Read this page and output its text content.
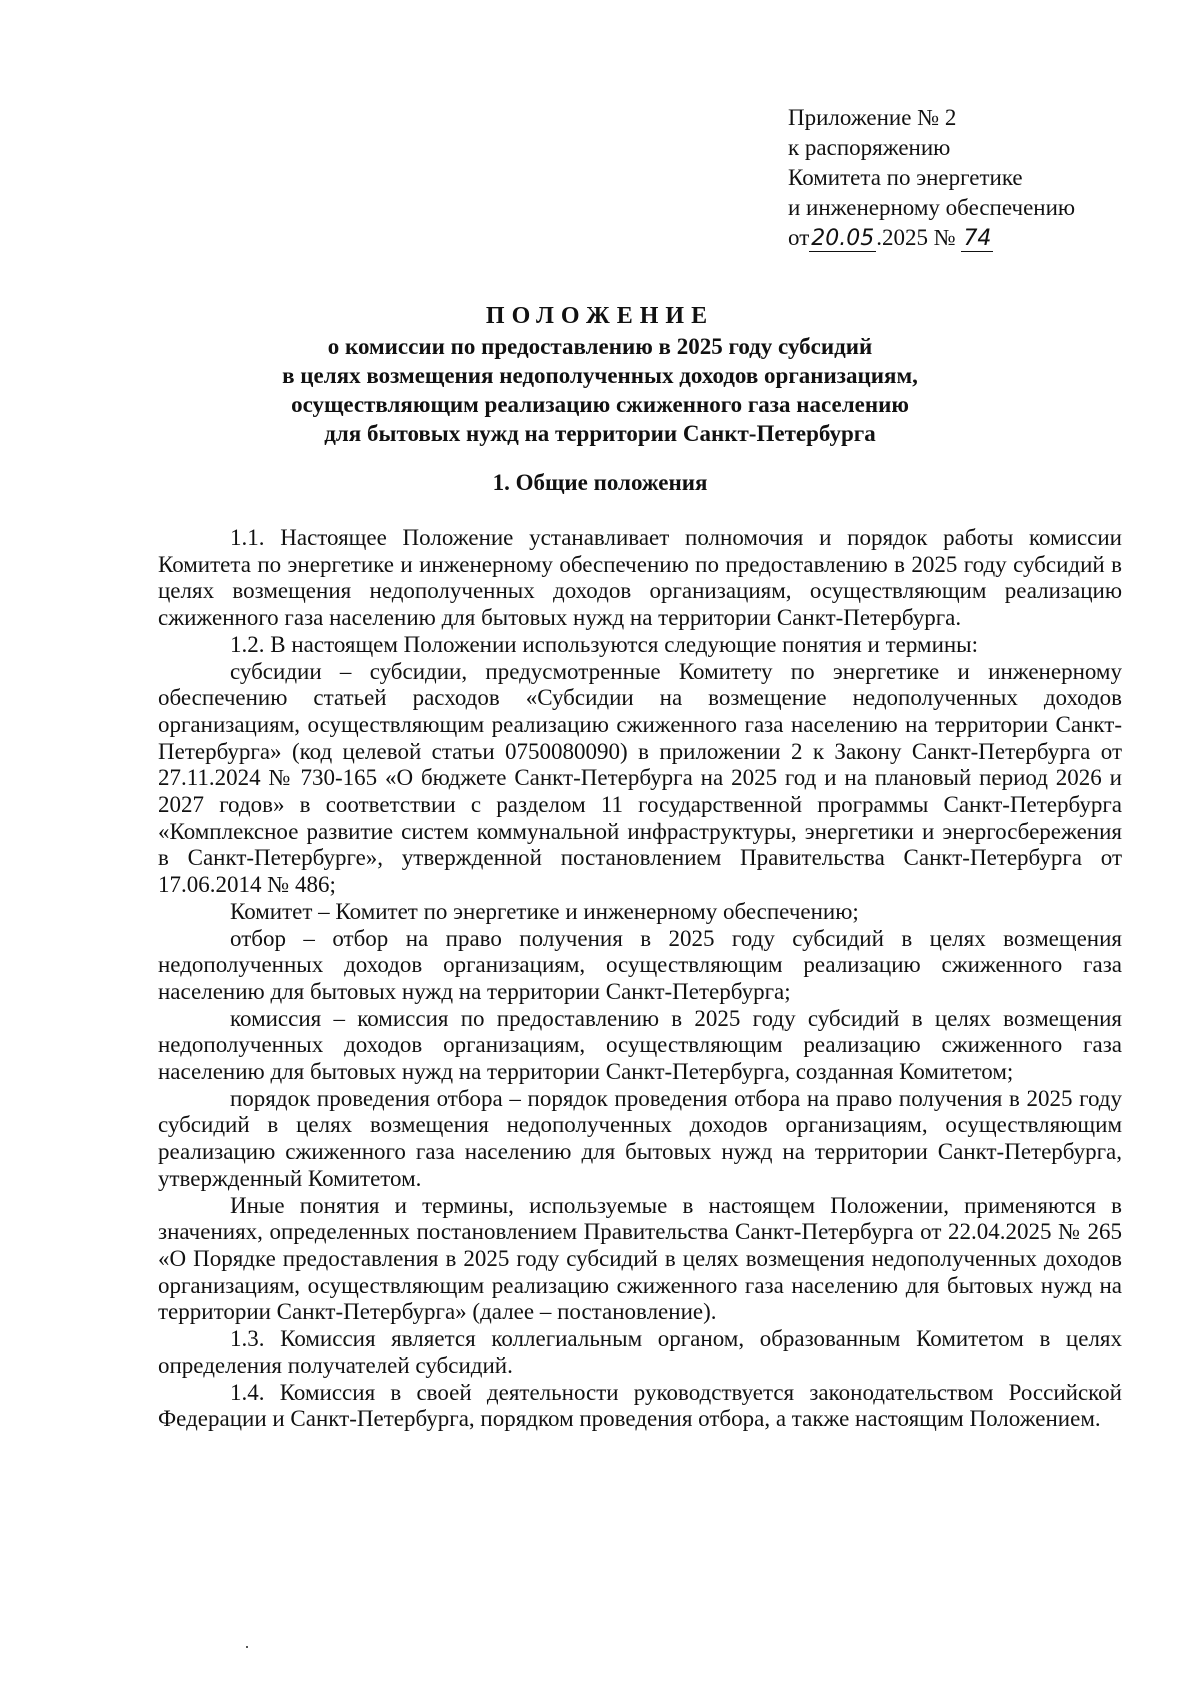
Приложение № 2
к распоряжению
Комитета по энергетике
и инженерному обеспечению
от20.05.2025 № 74
ПОЛОЖЕНИЕ
о комиссии по предоставлению в 2025 году субсидий
в целях возмещения недополученных доходов организациям,
осуществляющим реализацию сжиженного газа населению
для бытовых нужд на территории Санкт-Петербурга
1. Общие положения

1.1. Настоящее Положение устанавливает полномочия и порядок работы комиссии Комитета по энергетике и инженерному обеспечению по предоставлению в 2025 году субсидий в целях возмещения недополученных доходов организациям, осуществляющим реализацию сжиженного газа населению для бытовых нужд на территории Санкт-Петербурга.

1.2. В настоящем Положении используются следующие понятия и термины:

субсидии – субсидии, предусмотренные Комитету по энергетике и инженерному обеспечению статьей расходов «Субсидии на возмещение недополученных доходов организациям, осуществляющим реализацию сжиженного газа населению на территории Санкт-Петербурга» (код целевой статьи 0750080090) в приложении 2 к Закону Санкт-Петербурга от 27.11.2024 № 730-165 «О бюджете Санкт-Петербурга на 2025 год и на плановый период 2026 и 2027 годов» в соответствии с разделом 11 государственной программы Санкт-Петербурга «Комплексное развитие систем коммунальной инфраструктуры, энергетики и энергосбережения в Санкт-Петербурге», утвержденной постановлением Правительства Санкт-Петербурга от 17.06.2014 № 486;

Комитет – Комитет по энергетике и инженерному обеспечению;

отбор – отбор на право получения в 2025 году субсидий в целях возмещения недополученных доходов организациям, осуществляющим реализацию сжиженного газа населению для бытовых нужд на территории Санкт-Петербурга;

комиссия – комиссия по предоставлению в 2025 году субсидий в целях возмещения недополученных доходов организациям, осуществляющим реализацию сжиженного газа населению для бытовых нужд на территории Санкт-Петербурга, созданная Комитетом;

порядок проведения отбора – порядок проведения отбора на право получения в 2025 году субсидий в целях возмещения недополученных доходов организациям, осуществляющим реализацию сжиженного газа населению для бытовых нужд на территории Санкт-Петербурга, утвержденный Комитетом.

Иные понятия и термины, используемые в настоящем Положении, применяются в значениях, определенных постановлением Правительства Санкт-Петербурга от 22.04.2025 № 265 «О Порядке предоставления в 2025 году субсидий в целях возмещения недополученных доходов организациям, осуществляющим реализацию сжиженного газа населению для бытовых нужд на территории Санкт-Петербурга» (далее – постановление).

1.3. Комиссия является коллегиальным органом, образованным Комитетом в целях определения получателей субсидий.

1.4. Комиссия в своей деятельности руководствуется законодательством Российской Федерации и Санкт-Петербурга, порядком проведения отбора, а также настоящим Положением.
